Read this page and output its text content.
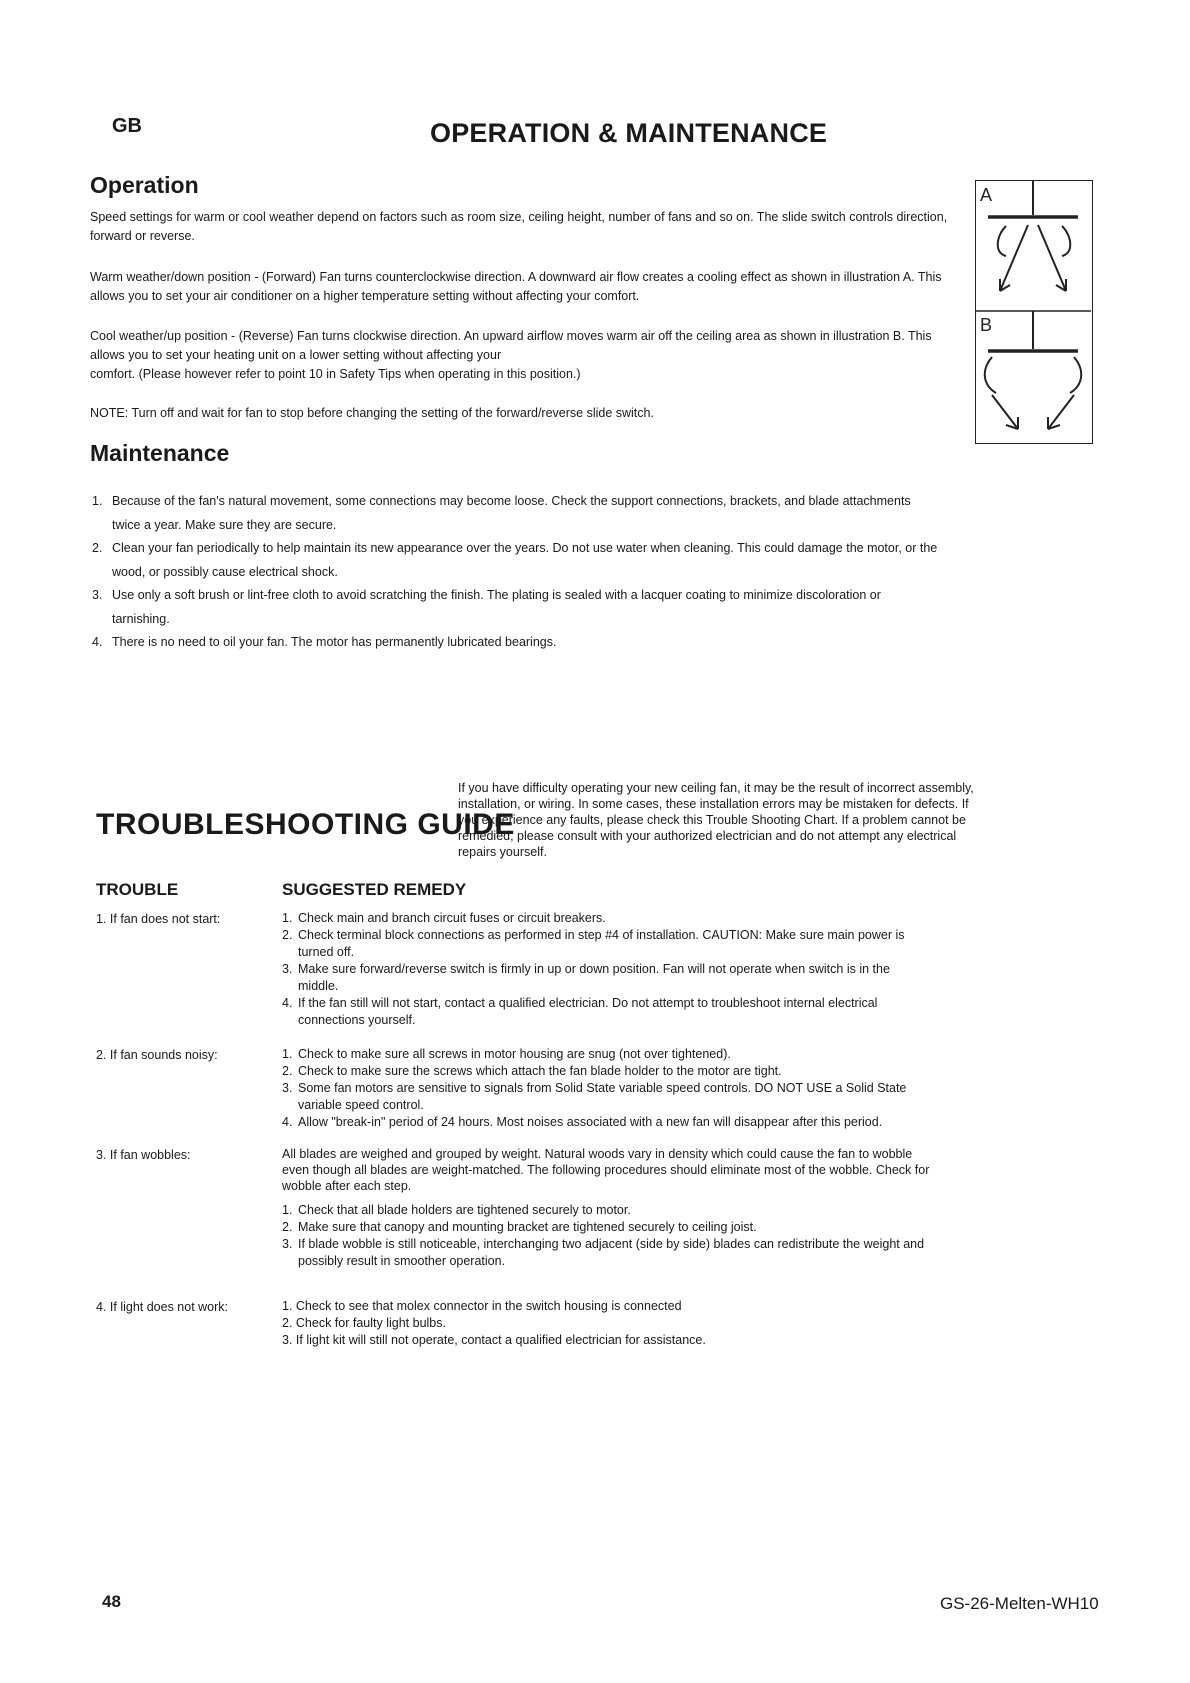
GB	OPERATION & MAINTENANCE
Operation

Speed settings for warm or cool weather depend on factors such as room size, ceiling height, number of fans and so on. The slide switch controls direction, forward or reverse.

Warm weather/down position - (Forward) Fan turns counterclockwise direction. A downward air flow creates a cooling effect as shown in illustration A. This allows you to set your air conditioner on a higher temperature setting without affecting your comfort.

Cool weather/up position - (Reverse) Fan turns clockwise direction. An upward airflow moves warm air off the ceiling area as shown in illustration B. This allows you to set your heating unit on a lower setting without affecting your
comfort. (Please however refer to point 10 in Safety Tips when operating in this position.)

NOTE: Turn off and wait for fan to stop before changing the setting of the forward/reverse slide switch.

A
B
Maintenance
1. Because of the fan's natural movement, some connections may become loose. Check the support connections, brackets, and blade attachments twice a year. Make sure they are secure.
2. Clean your fan periodically to help maintain its new appearance over the years. Do not use water when cleaning. This could damage the motor, or the wood, or possibly cause electrical shock.
3. Use only a soft brush or lint-free cloth to avoid scratching the finish. The plating is sealed with a lacquer coating to minimize discoloration or tarnishing.
4. There is no need to oil your fan. The motor has permanently lubricated bearings.
TROUBLESHOOTING GUIDE

If you have difficulty operating your new ceiling fan, it may be the result of incorrect assembly, installation, or wiring. In some cases, these installation errors may be mistaken for defects. If you experience any faults, please check this Trouble Shooting Chart. If a problem cannot be remedied, please consult with your authorized electrician and do not attempt any electrical repairs yourself.

TROUBLE	SUGGESTED REMEDY
1. If fan does not start:	1. Check main and branch circuit fuses or circuit breakers.
2. Check terminal block connections as performed in step #4 of installation. CAUTION: Make sure main power is turned off.
3. Make sure forward/reverse switch is firmly in up or down position. Fan will not operate when switch is in the middle.
4. If the fan still will not start, contact a qualified electrician. Do not attempt to troubleshoot internal electrical connections yourself.
2. If fan sounds noisy:	1. Check to make sure all screws in motor housing are snug (not over tightened).
2. Check to make sure the screws which attach the fan blade holder to the motor are tight.
3. Some fan motors are sensitive to signals from Solid State variable speed controls. DO NOT USE a Solid State variable speed control.
4. Allow "break-in" period of 24 hours. Most noises associated with a new fan will disappear after this period.
3. If fan wobbles:	All blades are weighed and grouped by weight. Natural woods vary in density which could cause the fan to wobble even though all blades are weight-matched. The following procedures should eliminate most of the wobble. Check for wobble after each step.
1. Check that all blade holders are tightened securely to motor.
2. Make sure that canopy and mounting bracket are tightened securely to ceiling joist.
3. If blade wobble is still noticeable, interchanging two adjacent (side by side) blades can redistribute the weight and possibly result in smoother operation.
4. If light does not work:	1. Check to see that molex connector in the switch housing is connected
2. Check for faulty light bulbs.
3. If light kit will still not operate, contact a qualified electrician for assistance.
48	GS-26-Melten-WH10
